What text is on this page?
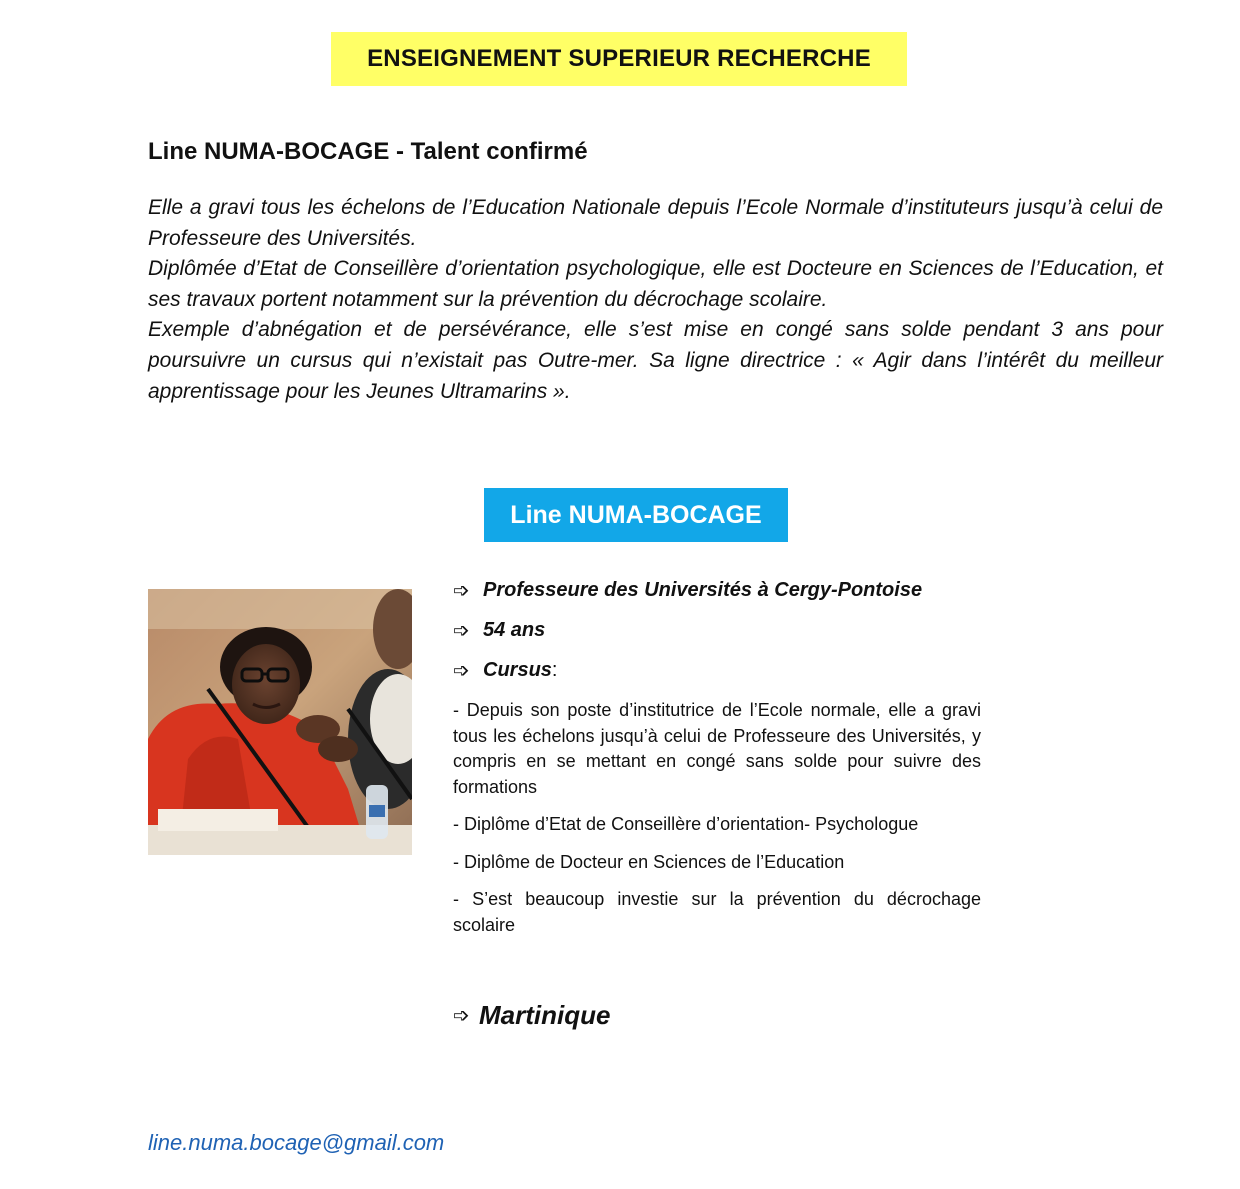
ENSEIGNEMENT SUPERIEUR RECHERCHE
Line NUMA-BOCAGE - Talent confirmé

Elle a gravi tous les échelons de l’Education Nationale depuis l’Ecole Normale d’instituteurs jusqu’à celui de Professeure des Universités.

Diplômée d’Etat de Conseillère d’orientation psychologique, elle est Docteure en Sciences de l’Education, et ses travaux portent notamment sur la prévention du décrochage scolaire.

Exemple d’abnégation et de persévérance, elle s’est mise en congé sans solde pendant 3 ans pour poursuivre un cursus qui n’existait pas Outre-mer. Sa ligne directrice : « Agir dans l’intérêt du meilleur apprentissage pour les Jeunes Ultramarins ».

Line NUMA-BOCAGE
➩ Professeure des Universités à Cergy-Pontoise
➩ 54 ans
➩ Cursus :

- Depuis son poste d’institutrice de l’Ecole normale, elle a gravi tous les échelons jusqu’à celui de Professeure des Universités, y compris en se mettant en congé sans solde pour suivre des formations

- Diplôme d’Etat de Conseillère d’orientation- Psychologue

- Diplôme de Docteur en Sciences de l’Education

- S’est beaucoup investie sur la prévention du décrochage scolaire

➩ Martinique
line.numa.bocage@gmail.com
